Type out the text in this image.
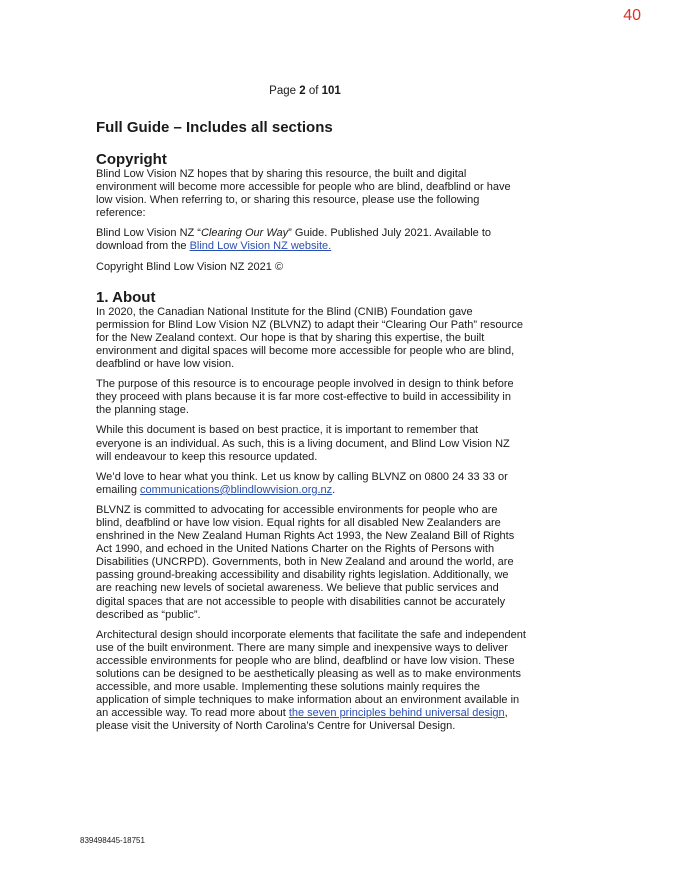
40
Page 2 of 101
Full Guide – Includes all sections
Copyright

Blind Low Vision NZ hopes that by sharing this resource, the built and digital environment will become more accessible for people who are blind, deafblind or have low vision. When referring to, or sharing this resource, please use the following reference:

Blind Low Vision NZ “Clearing Our Way” Guide. Published July 2021. Available to download from the Blind Low Vision NZ website.

Copyright Blind Low Vision NZ 2021 ©

1. About

In 2020, the Canadian National Institute for the Blind (CNIB) Foundation gave permission for Blind Low Vision NZ (BLVNZ) to adapt their “Clearing Our Path” resource for the New Zealand context. Our hope is that by sharing this expertise, the built environment and digital spaces will become more accessible for people who are blind, deafblind or have low vision.

The purpose of this resource is to encourage people involved in design to think before they proceed with plans because it is far more cost-effective to build in accessibility in the planning stage.

While this document is based on best practice, it is important to remember that everyone is an individual. As such, this is a living document, and Blind Low Vision NZ will endeavour to keep this resource updated.

We’d love to hear what you think. Let us know by calling BLVNZ on 0800 24 33 33 or emailing communications@blindlowvision.org.nz.

BLVNZ is committed to advocating for accessible environments for people who are blind, deafblind or have low vision. Equal rights for all disabled New Zealanders are enshrined in the New Zealand Human Rights Act 1993, the New Zealand Bill of Rights Act 1990, and echoed in the United Nations Charter on the Rights of Persons with Disabilities (UNCRPD). Governments, both in New Zealand and around the world, are passing ground-breaking accessibility and disability rights legislation. Additionally, we are reaching new levels of societal awareness. We believe that public services and digital spaces that are not accessible to people with disabilities cannot be accurately described as “public”.

Architectural design should incorporate elements that facilitate the safe and independent use of the built environment. There are many simple and inexpensive ways to deliver accessible environments for people who are blind, deafblind or have low vision. These solutions can be designed to be aesthetically pleasing as well as to make environments accessible, and more usable. Implementing these solutions mainly requires the application of simple techniques to make information about an environment available in an accessible way. To read more about the seven principles behind universal design, please visit the University of North Carolina’s Centre for Universal Design.

839498445-18751
